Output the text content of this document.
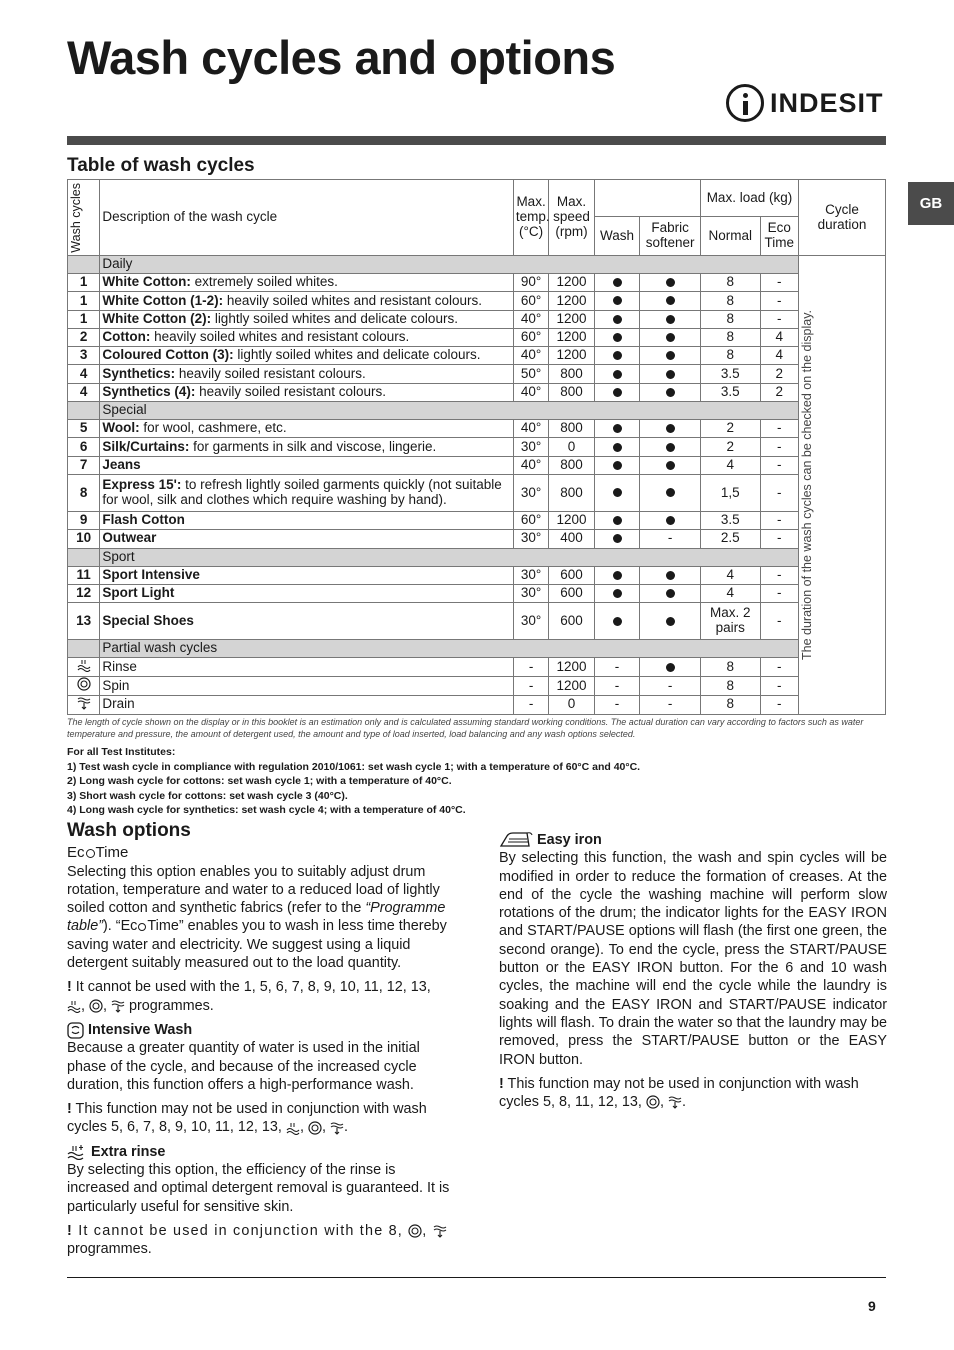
Wash cycles and options
INDESIT
GB
Table of wash cycles
Wash cycles	Description of the wash cycle	Max. temp. (°C)	Max. speed (rpm)			Max. load (kg)		Cycle duration
				Wash	Fabric softener	Normal	Eco Time	
	Daily							The duration of the wash cycles can be checked on the display.

1	White Cotton: extremely soiled whites.	90°	1200			8	-	
1	White Cotton (1-2): heavily soiled whites and resistant colours.	60°	1200			8	-	
1	White Cotton (2): lightly soiled whites and delicate colours.	40°	1200			8	-	
2	Cotton: heavily soiled whites and resistant colours.	60°	1200			8	4	
3	Coloured Cotton (3): lightly soiled whites and delicate colours.	40°	1200			8	4	
4	Synthetics: heavily soiled resistant colours.	50°	800			3.5	2	
4	Synthetics (4): heavily soiled resistant colours.	40°	800			3.5	2	
	Special							
5	Wool: for wool, cashmere, etc.	40°	800			2	-	
6	Silk/Curtains: for garments in silk and viscose, lingerie.	30°	0			2	-	
7	Jeans	40°	800			4	-	
8	Express 15': to refresh lightly soiled garments quickly (not suitable for wool, silk and clothes which require washing by hand).	30°	800			1,5	-	
9	Flash Cotton	60°	1200			3.5	-	
10	Outwear	30°	400		-	2.5	-	
	Sport							
11	Sport Intensive	30°	600			4	-	
12	Sport Light	30°	600			4	-	
13	Special Shoes	30°	600			Max. 2 pairs	-	
	Partial wash cycles							
	Rinse	-	1200	-		8	-	
	Spin	-	1200	-	-	8	-	
	Drain	-	0	-	-	8	-	
The length of cycle shown on the display or in this booklet is an estimation only and is calculated assuming standard working conditions. The actual duration can vary according to factors such as water temperature and pressure, the amount of detergent used, the amount and type of load inserted, load balancing and any wash options selected.
For all Test Institutes:
1) Test wash cycle in compliance with regulation 2010/1061: set wash cycle 1; with a temperature of 60°C and 40°C.
2) Long wash cycle for cottons: set wash cycle 1; with a temperature of 40°C.
3) Short wash cycle for cottons: set wash cycle 3 (40°C).
4) Long wash cycle for synthetics: set wash cycle 4; with a temperature of 40°C.
Wash options
Ec Time

Selecting this option enables you to suitably adjust drum rotation, temperature and water to a reduced load of lightly soiled cotton and synthetic fabrics (refer to the “Programme table”). “Ec Time” enables you to wash in less time thereby saving water and electricity. We suggest using a liquid detergent suitably measured out to the load quantity.

! It cannot be used with the 1, 5, 6, 7, 8, 9, 10, 11, 12, 13,
, ,  programmes.

Intensive Wash

Because a greater quantity of water is used in the initial phase of the cycle, and because of the increased cycle duration, this function offers a high-performance wash.

! This function may not be used in conjunction with wash cycles 5, 6, 7, 8, 9, 10, 11, 12, 13, , , .

Extra rinse

By selecting this option, the efficiency of the rinse is increased and optimal detergent removal is guaranteed. It is particularly useful for sensitive skin.

! It cannot be used in conjunction with the 8, ,
programmes.

Easy iron

By selecting this function, the wash and spin cycles will be modified in order to reduce the formation of creases. At the end of the cycle the washing machine will perform slow rotations of the drum; the indicator lights for the EASY IRON and START/PAUSE options will flash (the first one green, the second orange). To end the cycle, press the START/PAUSE button or the EASY IRON button. For the 6 and 10 wash cycles, the machine will end the cycle while the laundry is soaking and the EASY IRON and START/PAUSE indicator lights will flash. To drain the water so that the laundry may be removed, press the START/PAUSE button or the EASY IRON button.

! This function may not be used in conjunction with wash cycles 5, 8, 11, 12, 13, , .

9
